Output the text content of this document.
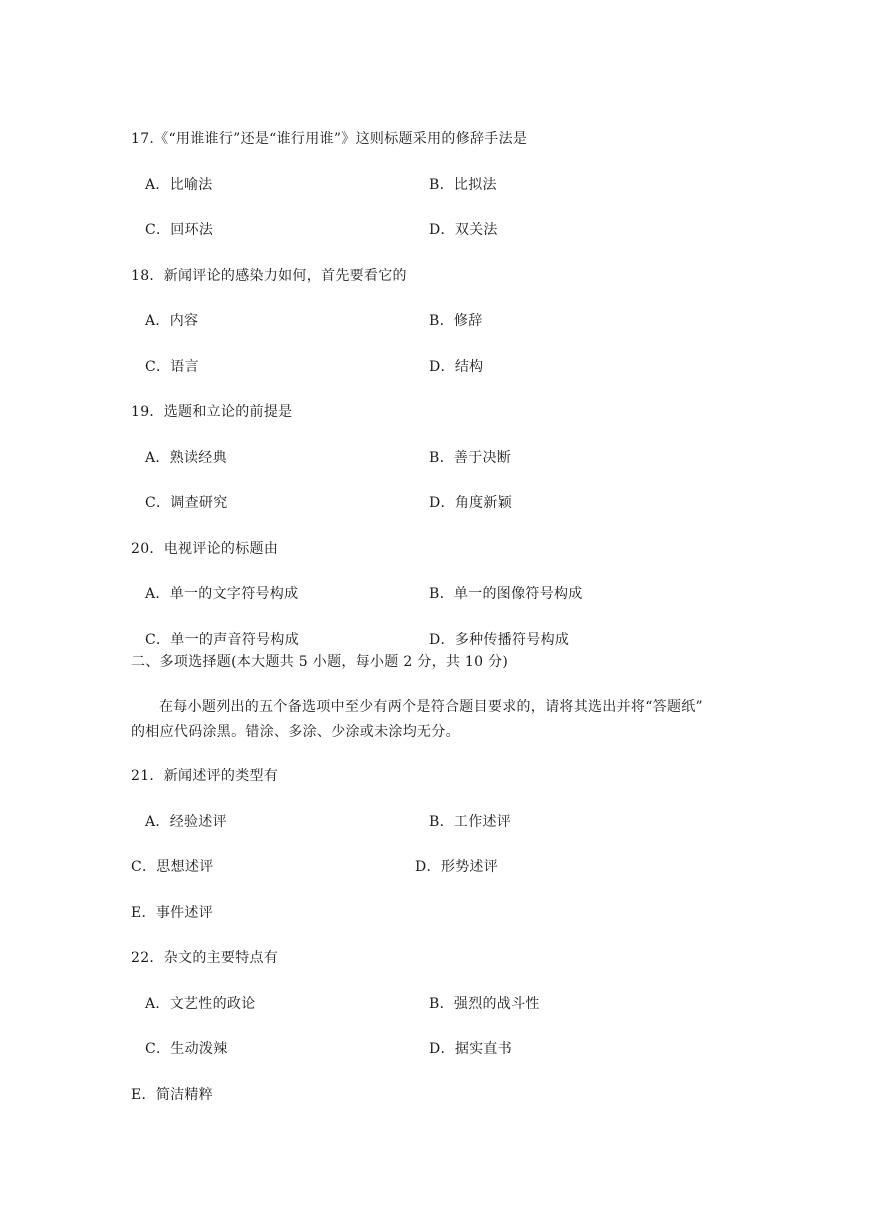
17.《“用谁谁行”还是“谁行用谁”》这则标题采用的修辞手法是
A．比喻法	B．比拟法
C．回环法	D．双关法
18．新闻评论的感染力如何，首先要看它的
A．内容	B．修辞
C．语言	D．结构
19．选题和立论的前提是
A．熟读经典	B．善于决断
C．调查研究	D．角度新颖
20．电视评论的标题由
A．单一的文字符号构成	B．单一的图像符号构成
C．单一的声音符号构成	D．多种传播符号构成
二、多项选择题(本大题共 5 小题，每小题 2 分，共 10 分)
在每小题列出的五个备选项中至少有两个是符合题目要求的，请将其选出并将“答题纸”
的相应代码涂黑。错涂、多涂、少涂或未涂均无分。
21．新闻述评的类型有
A．经验述评	B．工作述评
C．思想述评	D．形势述评
E．事件述评
22．杂文的主要特点有
A．文艺性的政论	B．强烈的战斗性
C．生动泼辣	D．据实直书
E．简洁精粹
